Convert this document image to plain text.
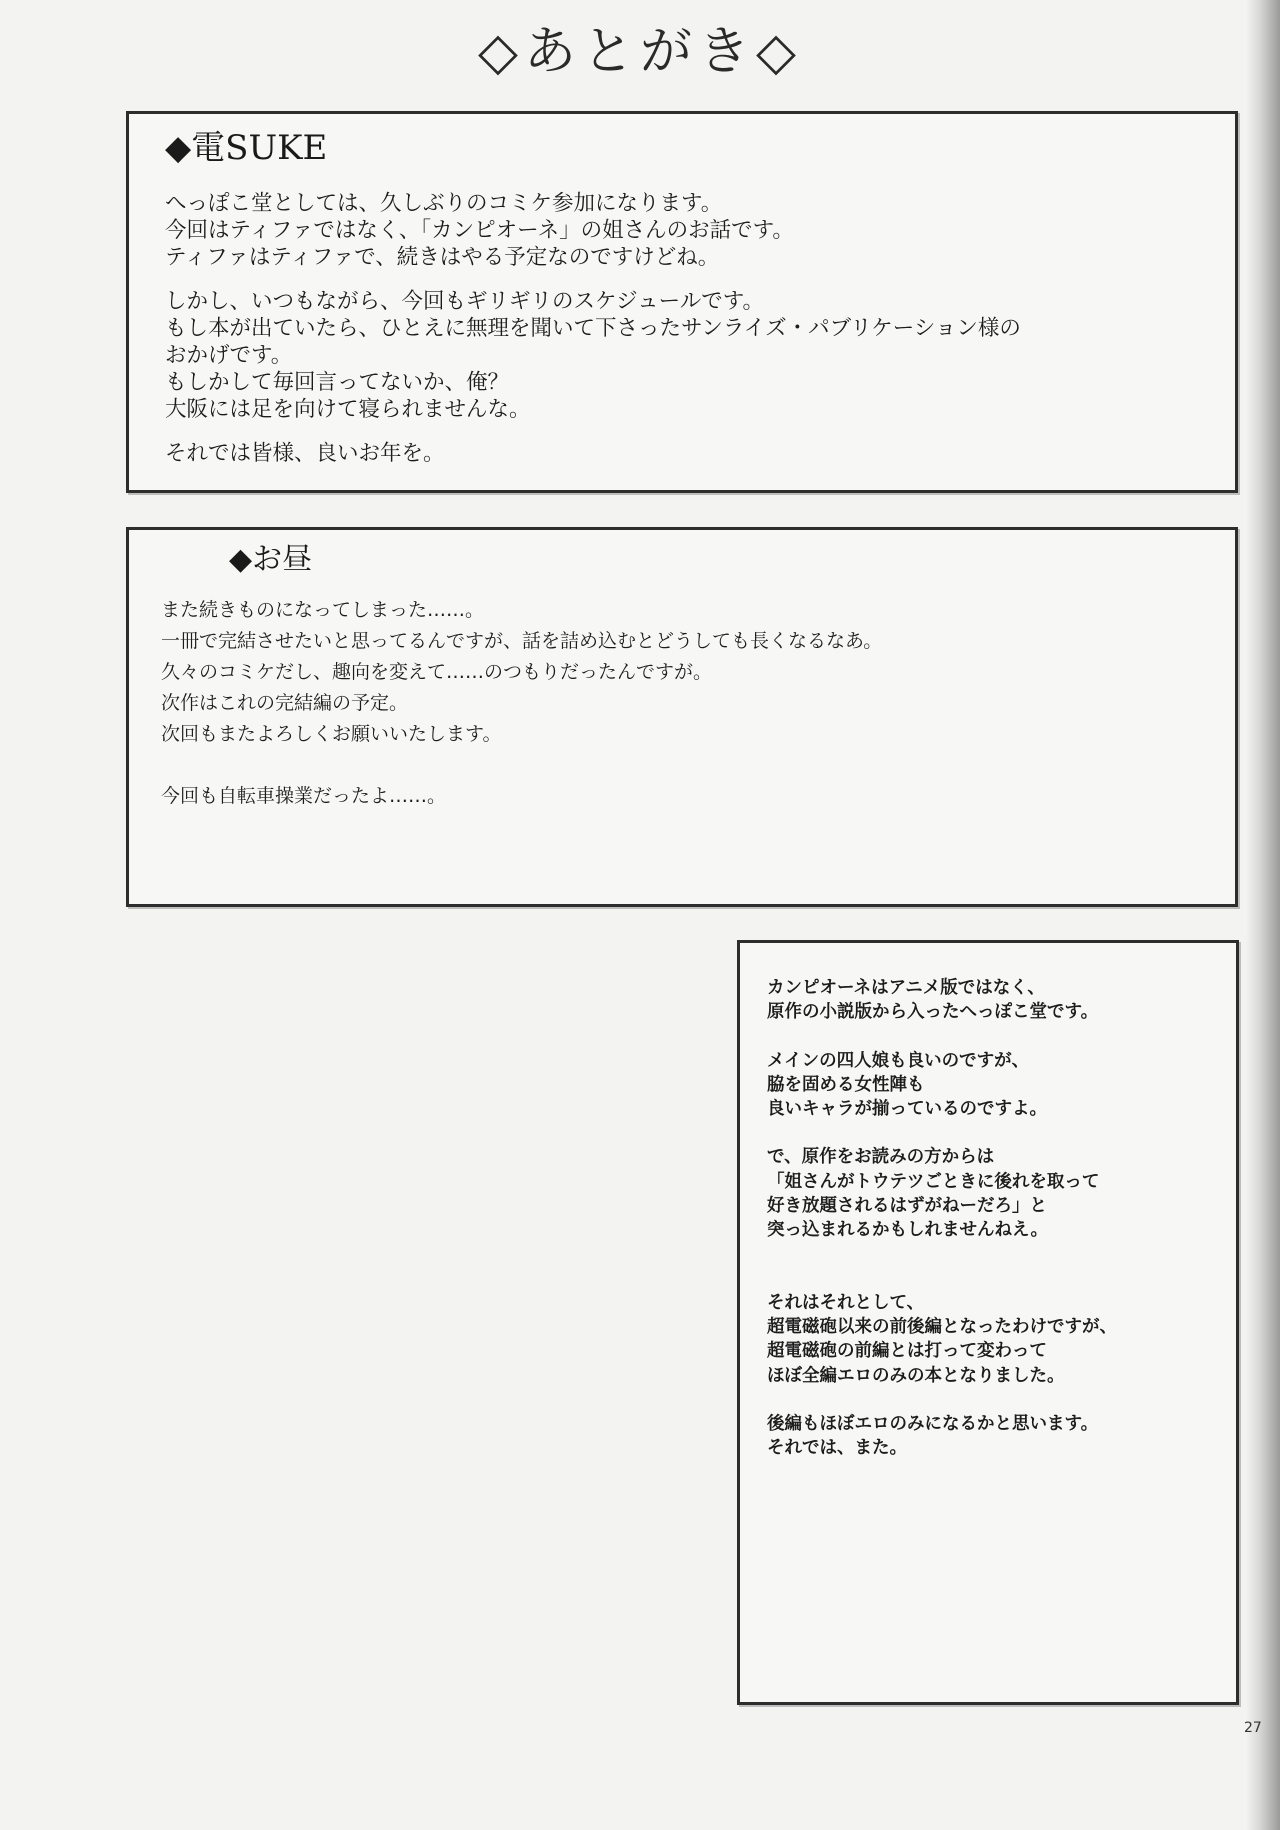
◇あとがき◇
◆電SUKE
へっぽこ堂としては、久しぶりのコミケ参加になります。
今回はティファではなく、「カンピオーネ」の姐さんのお話です。
ティファはティファで、続きはやる予定なのですけどね。
しかし、いつもながら、今回もギリギリのスケジュールです。
もし本が出ていたら、ひとえに無理を聞いて下さったサンライズ・パブリケーション様の
おかげです。
もしかして毎回言ってないか、俺？
大阪には足を向けて寝られませんな。
それでは皆様、良いお年を。
◆お昼
また続きものになってしまった……。
一冊で完結させたいと思ってるんですが、話を詰め込むとどうしても長くなるなあ。
久々のコミケだし、趣向を変えて……のつもりだったんですが。
次作はこれの完結編の予定。
次回もまたよろしくお願いいたします。
今回も自転車操業だったよ……。
カンピオーネはアニメ版ではなく、
原作の小説版から入ったへっぽこ堂です。
メインの四人娘も良いのですが、
脇を固める女性陣も
良いキャラが揃っているのですよ。
で、原作をお読みの方からは
「姐さんがトウテツごときに後れを取って
好き放題されるはずがねーだろ」と
突っ込まれるかもしれませんねえ。
それはそれとして、
超電磁砲以来の前後編となったわけですが、
超電磁砲の前編とは打って変わって
ほぼ全編エロのみの本となりました。
後編もほぼエロのみになるかと思います。
それでは、また。
27
